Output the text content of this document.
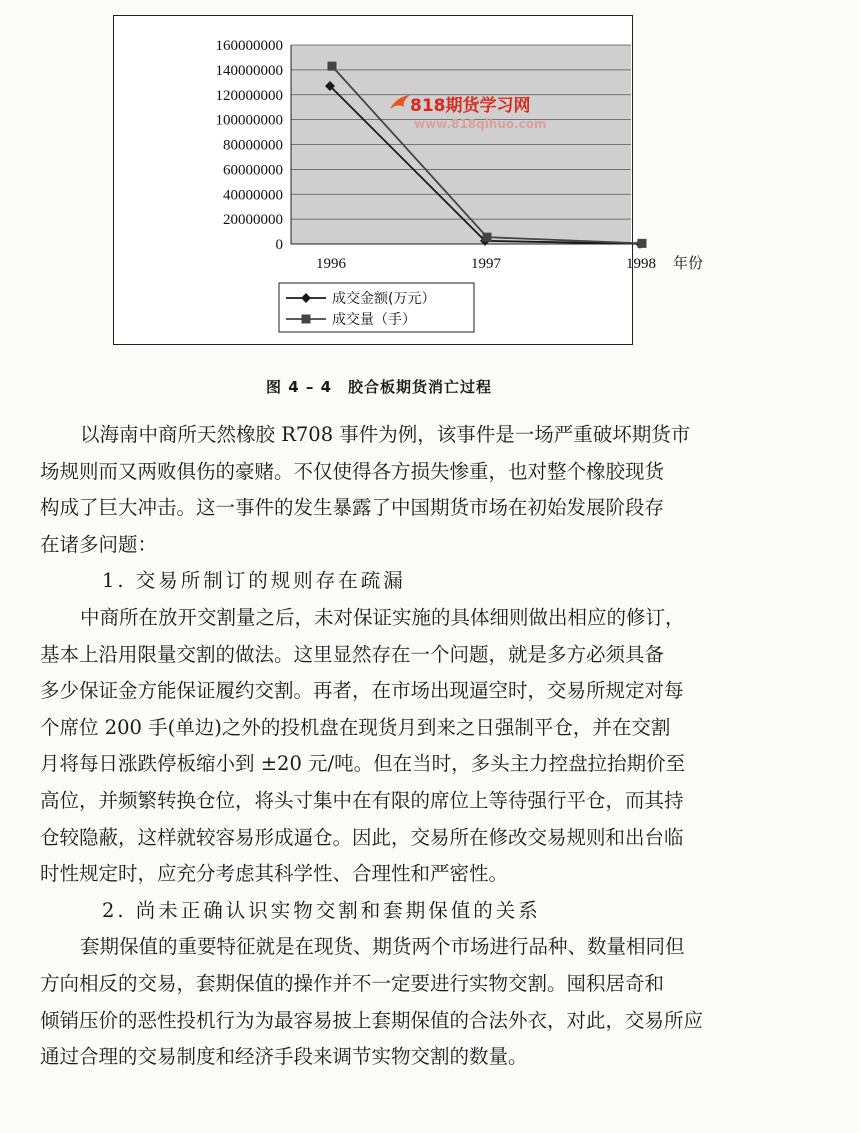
160000000
140000000
120000000
100000000
80000000
60000000
40000000
20000000
0
1996	1997	1998 年份
818期货学习网
www.818qihuo.com
成交金额(万元）
成交量（手）
图 4 – 4　胶合板期货消亡过程
以海南中商所天然橡胶 R708 事件为例，该事件是一场严重破坏期货市
场规则而又两败俱伤的豪赌。不仅使得各方损失惨重，也对整个橡胶现货
构成了巨大冲击。这一事件的发生暴露了中国期货市场在初始发展阶段存
在诸多问题：
1. 交易所制订的规则存在疏漏
中商所在放开交割量之后，未对保证实施的具体细则做出相应的修订，
基本上沿用限量交割的做法。这里显然存在一个问题，就是多方必须具备
多少保证金方能保证履约交割。再者，在市场出现逼空时，交易所规定对每
个席位 200 手(单边)之外的投机盘在现货月到来之日强制平仓，并在交割
月将每日涨跌停板缩小到 ±20 元/吨。但在当时，多头主力控盘拉抬期价至
高位，并频繁转换仓位，将头寸集中在有限的席位上等待强行平仓，而其持
仓较隐蔽，这样就较容易形成逼仓。因此，交易所在修改交易规则和出台临
时性规定时，应充分考虑其科学性、合理性和严密性。
2. 尚未正确认识实物交割和套期保值的关系
套期保值的重要特征就是在现货、期货两个市场进行品种、数量相同但
方向相反的交易，套期保值的操作并不一定要进行实物交割。囤积居奇和
倾销压价的恶性投机行为为最容易披上套期保值的合法外衣，对此，交易所应
通过合理的交易制度和经济手段来调节实物交割的数量。
